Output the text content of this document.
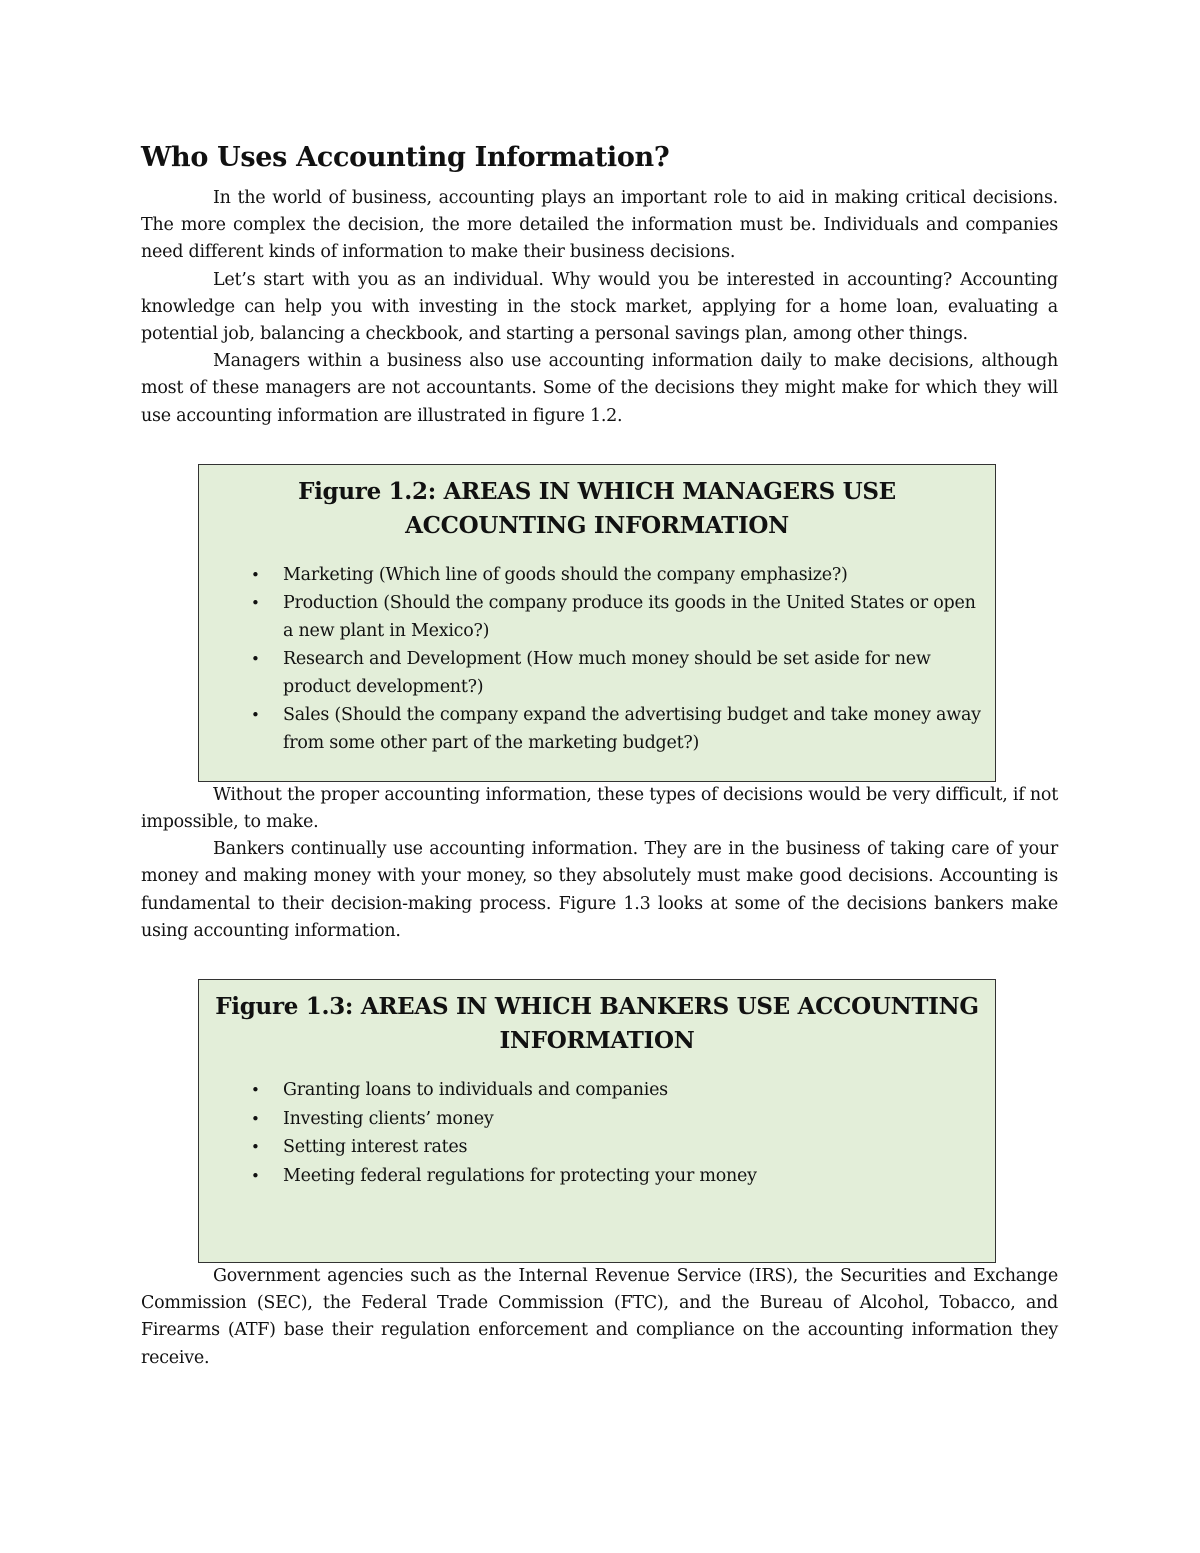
Who Uses Accounting Information?

In the world of business, accounting plays an important role to aid in making critical decisions. The more complex the decision, the more detailed the information must be. Individuals and companies need different kinds of information to make their business decisions.

Let’s start with you as an individual. Why would you be interested in accounting? Accounting knowledge can help you with investing in the stock market, applying for a home loan, evaluating a potential job, balancing a checkbook, and starting a personal savings plan, among other things.

Managers within a business also use accounting information daily to make decisions, although most of these managers are not accountants. Some of the decisions they might make for which they will use accounting information are illustrated in figure 1.2.

Figure 1.2: AREAS IN WHICH MANAGERS USE ACCOUNTING INFORMATION
• Marketing (Which line of goods should the company emphasize?)
• Production (Should the company produce its goods in the United States or open a new plant in Mexico?)
• Research and Development (How much money should be set aside for new product development?)
• Sales (Should the company expand the advertising budget and take money away from some other part of the marketing budget?)

Without the proper accounting information, these types of decisions would be very difficult, if not impossible, to make.

Bankers continually use accounting information. They are in the business of taking care of your money and making money with your money, so they absolutely must make good decisions. Accounting is fundamental to their decision-making process. Figure 1.3 looks at some of the decisions bankers make using accounting information.

Figure 1.3: AREAS IN WHICH BANKERS USE ACCOUNTING INFORMATION
• Granting loans to individuals and companies
• Investing clients’ money
• Setting interest rates
• Meeting federal regulations for protecting your money

Government agencies such as the Internal Revenue Service (IRS), the Securities and Exchange Commission (SEC), the Federal Trade Commission (FTC), and the Bureau of Alcohol, Tobacco, and Firearms (ATF) base their regulation enforcement and compliance on the accounting information they receive.
